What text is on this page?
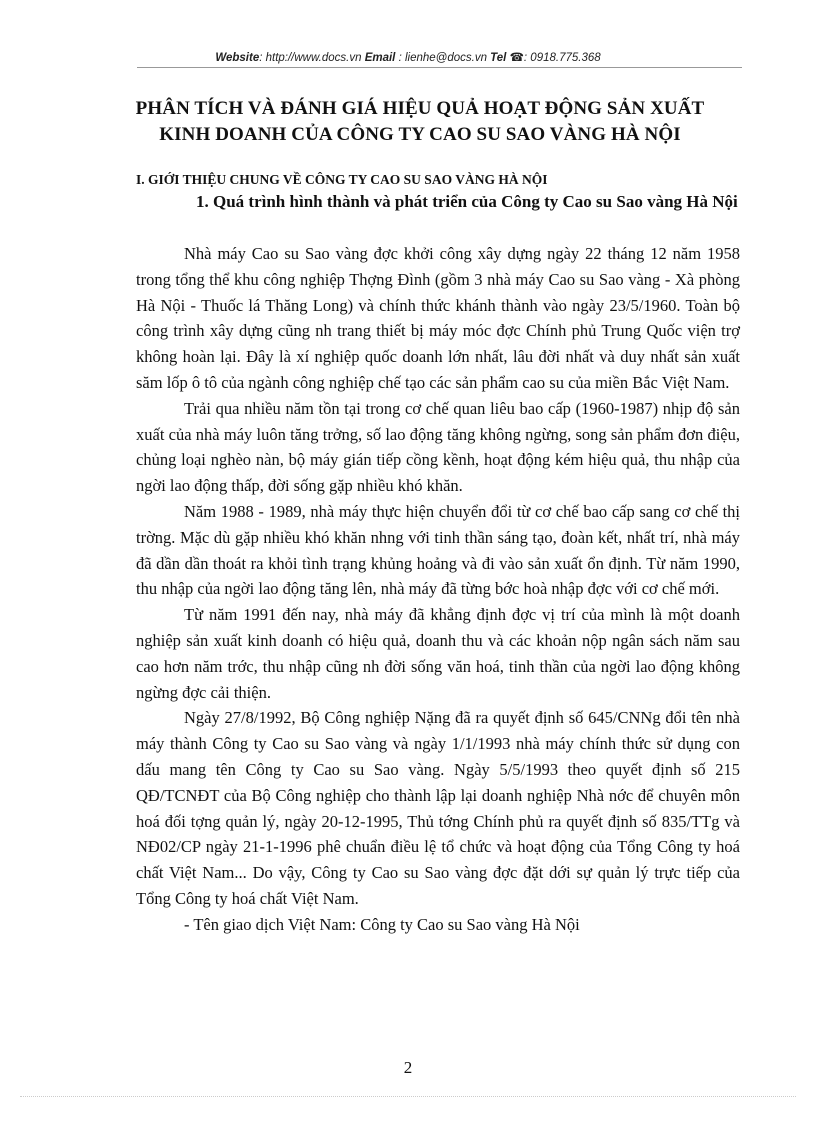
Website: http://www.docs.vn Email : lienhe@docs.vn Tel ☎: 0918.775.368
PHÂN TÍCH VÀ ĐÁNH GIÁ HIỆU QUẢ HOẠT ĐỘNG SẢN XUẤT
KINH DOANH CỦA CÔNG TY CAO SU SAO VÀNG HÀ NỘI
I. GIỚI THIỆU CHUNG VỀ CÔNG TY CAO SU SAO VÀNG HÀ NỘI
1. Quá trình hình thành và phát triển của Công ty Cao su Sao vàng Hà Nội

Nhà máy Cao su Sao vàng đợc khởi công xây dựng ngày 22 tháng 12 năm 1958 trong tổng thể khu công nghiệp Thợng Đình (gồm 3 nhà máy Cao su Sao vàng - Xà phòng Hà Nội - Thuốc lá Thăng Long) và chính thức khánh thành vào ngày 23/5/1960. Toàn bộ công trình xây dựng cũng nh trang thiết bị máy móc đợc Chính phủ Trung Quốc viện trợ không hoàn lại. Đây là xí nghiệp quốc doanh lớn nhất, lâu đời nhất và duy nhất sản xuất săm lốp ô tô của ngành công nghiệp chế tạo các sản phẩm cao su của miền Bắc Việt Nam.

Trải qua nhiều năm tồn tại trong cơ chế quan liêu bao cấp (1960-1987) nhịp độ sản xuất của nhà máy luôn tăng trởng, số lao động tăng không ngừng, song sản phẩm đơn điệu, chủng loại nghèo nàn, bộ máy gián tiếp cồng kềnh, hoạt động kém hiệu quả, thu nhập của ngời lao động thấp, đời sống gặp nhiều khó khăn.

Năm 1988 - 1989, nhà máy thực hiện chuyển đổi từ cơ chế bao cấp sang cơ chế thị trờng. Mặc dù gặp nhiều khó khăn nhng với tinh thần sáng tạo, đoàn kết, nhất trí, nhà máy đã dần dần thoát ra khỏi tình trạng khủng hoảng và đi vào sản xuất ổn định. Từ năm 1990, thu nhập của ngời lao động tăng lên, nhà máy đã từng bớc hoà nhập đợc với cơ chế mới.

Từ năm 1991 đến nay, nhà máy đã khẳng định đợc vị trí của mình là một doanh nghiệp sản xuất kinh doanh có hiệu quả, doanh thu và các khoản nộp ngân sách năm sau cao hơn năm trớc, thu nhập cũng nh đời sống văn hoá, tinh thần của ngời lao động không ngừng đợc cải thiện.

Ngày 27/8/1992, Bộ Công nghiệp Nặng đã ra quyết định số 645/CNNg đổi tên nhà máy thành Công ty Cao su Sao vàng và ngày 1/1/1993 nhà máy chính thức sử dụng con dấu mang tên Công ty Cao su Sao vàng. Ngày 5/5/1993 theo quyết định số 215 QĐ/TCNĐT của Bộ Công nghiệp cho thành lập lại doanh nghiệp Nhà nớc để chuyên môn hoá đối tợng quản lý, ngày 20-12-1995, Thủ tớng Chính phủ ra quyết định số 835/TTg và NĐ02/CP ngày 21-1-1996 phê chuẩn điều lệ tổ chức và hoạt động của Tổng Công ty hoá chất Việt Nam... Do vậy, Công ty Cao su Sao vàng đợc đặt dới sự quản lý trực tiếp của Tổng Công ty hoá chất Việt Nam.

- Tên giao dịch Việt Nam: Công ty Cao su Sao vàng Hà Nội

2
